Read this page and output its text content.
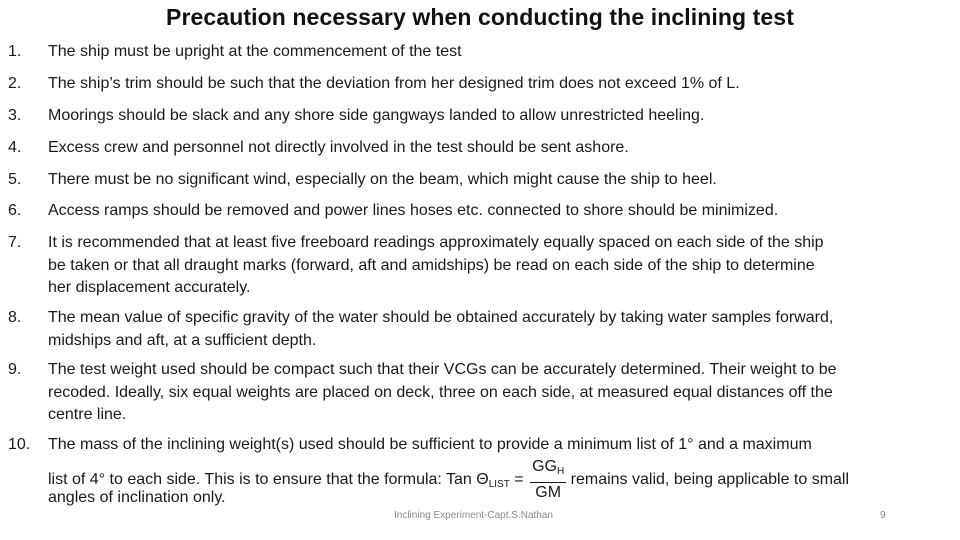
Precaution necessary when conducting the inclining test
1.	The ship must be upright at the commencement of the test
2.	The ship’s trim should be such that the deviation from her designed trim does not exceed 1% of L.
3.	Moorings should be slack and any shore side gangways landed to allow unrestricted heeling.
4.	Excess crew and personnel not directly involved in the test should be sent ashore.
5.	There must be no significant wind, especially on the beam, which might cause the ship to heel.
6.	Access ramps should be removed and power lines hoses etc. connected to shore should be minimized.
7.	It is recommended that at least five freeboard readings approximately equally spaced on each side of the ship
be taken or that all draught marks (forward, aft and amidships) be read on each side of the ship to determine
her displacement accurately.
8.	The mean value of specific gravity of the water should be obtained accurately by taking water samples forward,
midships and aft, at a sufficient depth.
9.	The test weight used should be compact such that their VCGs can be accurately determined. Their weight to be
recoded. Ideally, six equal weights are placed on deck, three on each side, at measured equal distances off the
centre line.
10.	The mass of the inclining weight(s) used should be sufficient to provide a minimum list of 1° and a maximum
list of 4° to each side. This is to ensure that the formula: Tan $\Theta_{LIST} = \frac{GG_H}{GM}$ remains valid, being applicable to small
angles of inclination only.
Inclining Experiment-Capt.S.Nathan	9
